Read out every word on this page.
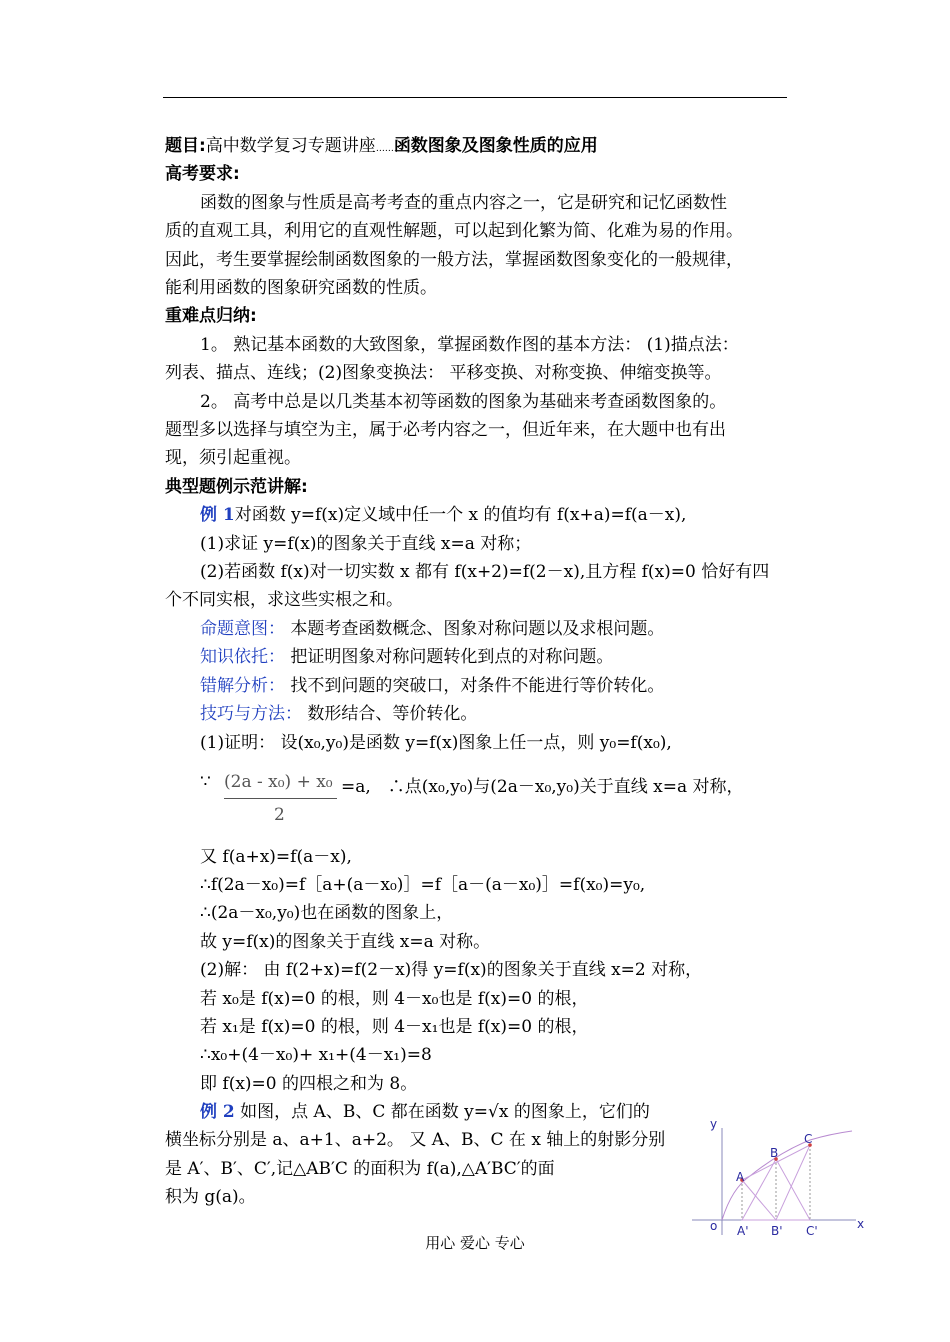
题目:高中数学复习专题讲座……函数图象及图象性质的应用
高考要求:
函数的图象与性质是高考考查的重点内容之一，它是研究和记忆函数性
质的直观工具，利用它的直观性解题，可以起到化繁为简、化难为易的作用。
因此，考生要掌握绘制函数图象的一般方法，掌握函数图象变化的一般规律，
能利用函数的图象研究函数的性质。
重难点归纳:
1。 熟记基本函数的大致图象，掌握函数作图的基本方法： (1)描点法：
列表、描点、连线；(2)图象变换法： 平移变换、对称变换、伸缩变换等。
2。 高考中总是以几类基本初等函数的图象为基础来考查函数图象的。
题型多以选择与填空为主，属于必考内容之一，但近年来，在大题中也有出
现，须引起重视。
典型题例示范讲解:
例 1对函数 y=f(x)定义域中任一个 x 的值均有 f(x+a)=f(a－x),
(1)求证 y=f(x)的图象关于直线 x=a 对称；
(2)若函数 f(x)对一切实数 x 都有 f(x+2)=f(2－x),且方程 f(x)=0 恰好有四
个不同实根，求这些实根之和。
命题意图： 本题考查函数概念、图象对称问题以及求根问题。
知识依托： 把证明图象对称问题转化到点的对称问题。
错解分析： 找不到问题的突破口，对条件不能进行等价转化。
技巧与方法： 数形结合、等价转化。
(1)证明： 设(x₀,y₀)是函数 y=f(x)图象上任一点，则 y₀=f(x₀),
∵ (2a - x₀) + x₀
2
=a,　∴点(x₀,y₀)与(2a－x₀,y₀)关于直线 x=a 对称，
又 f(a+x)=f(a－x),
∴f(2a－x₀)=f［a+(a－x₀)］=f［a－(a－x₀)］=f(x₀)=y₀,
∴(2a－x₀,y₀)也在函数的图象上，
故 y=f(x)的图象关于直线 x=a 对称。
(2)解： 由 f(2+x)=f(2－x)得 y=f(x)的图象关于直线 x=2 对称，
若 x₀是 f(x)=0 的根，则 4－x₀也是 f(x)=0 的根，
若 x₁是 f(x)=0 的根，则 4－x₁也是 f(x)=0 的根，
∴x₀+(4－x₀)+ x₁+(4－x₁)=8
即 f(x)=0 的四根之和为 8。
例 2 如图，点 A、B、C 都在函数 y=√x 的图象上，它们的
横坐标分别是 a、a+1、a+2。 又 A、B、C 在 x 轴上的射影分别
是 A′、B′、C′,记△AB′C 的面积为 f(a),△A′BC′的面
积为 g(a)。
y
x
o
A
B
C
A' B' C'
用心 爱心 专心
